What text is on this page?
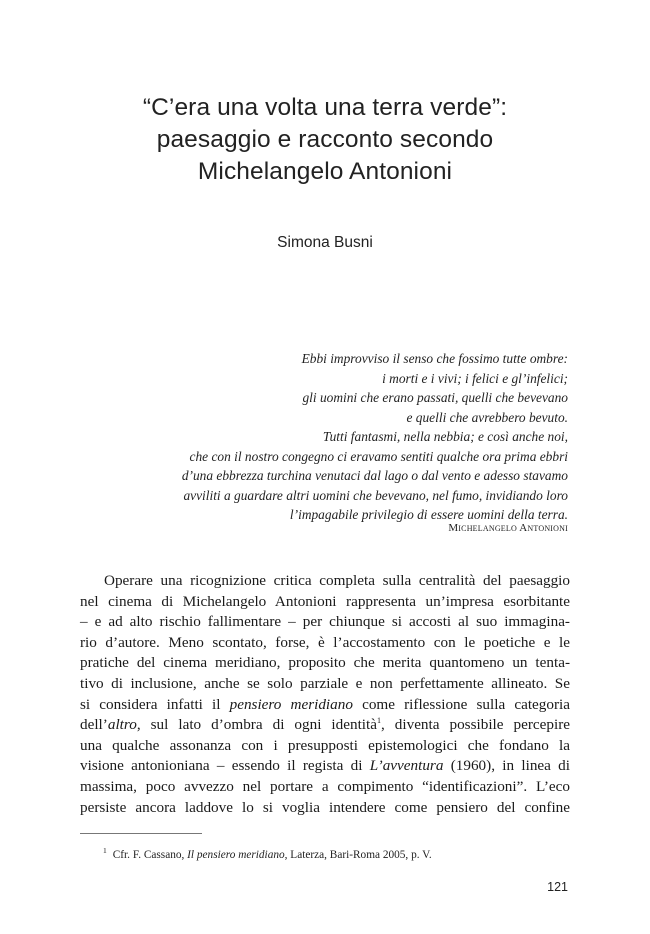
“C’era una volta una terra verde”:
paesaggio e racconto secondo
Michelangelo Antonioni
Simona Busni
Ebbi improvviso il senso che fossimo tutte ombre:
i morti e i vivi; i felici e gl’infelici;
gli uomini che erano passati, quelli che bevevano
e quelli che avrebbero bevuto.
Tutti fantasmi, nella nebbia; e così anche noi,
che con il nostro congegno ci eravamo sentiti qualche ora prima ebbri
d’una ebbrezza turchina venutaci dal lago o dal vento e adesso stavamo
avviliti a guardare altri uomini che bevevano, nel fumo, invidiando loro
l’impagabile privilegio di essere uomini della terra.
Michelangelo Antonioni
Operare una ricognizione critica completa sulla centralità del paesaggio
nel cinema di Michelangelo Antonioni rappresenta un’impresa esorbitante
– e ad alto rischio fallimentare – per chiunque si accosti al suo immagina-
rio d’autore. Meno scontato, forse, è l’accostamento con le poetiche e le
pratiche del cinema meridiano, proposito che merita quantomeno un tenta-
tivo di inclusione, anche se solo parziale e non perfettamente allineato. Se
si considera infatti il pensiero meridiano come riflessione sulla categoria
dell’altro, sul lato d’ombra di ogni identità$^1$, diventa possibile percepire
una qualche assonanza con i presupposti epistemologici che fondano la
visione antonioniana – essendo il regista di L’avventura (1960), in linea di
massima, poco avvezzo nel portare a compimento “identificazioni”. L’eco
persiste ancora laddove lo si voglia intendere come pensiero del confine
$^1$ Cfr. F. Cassano, Il pensiero meridiano, Laterza, Bari-Roma 2005, p. V.
121
